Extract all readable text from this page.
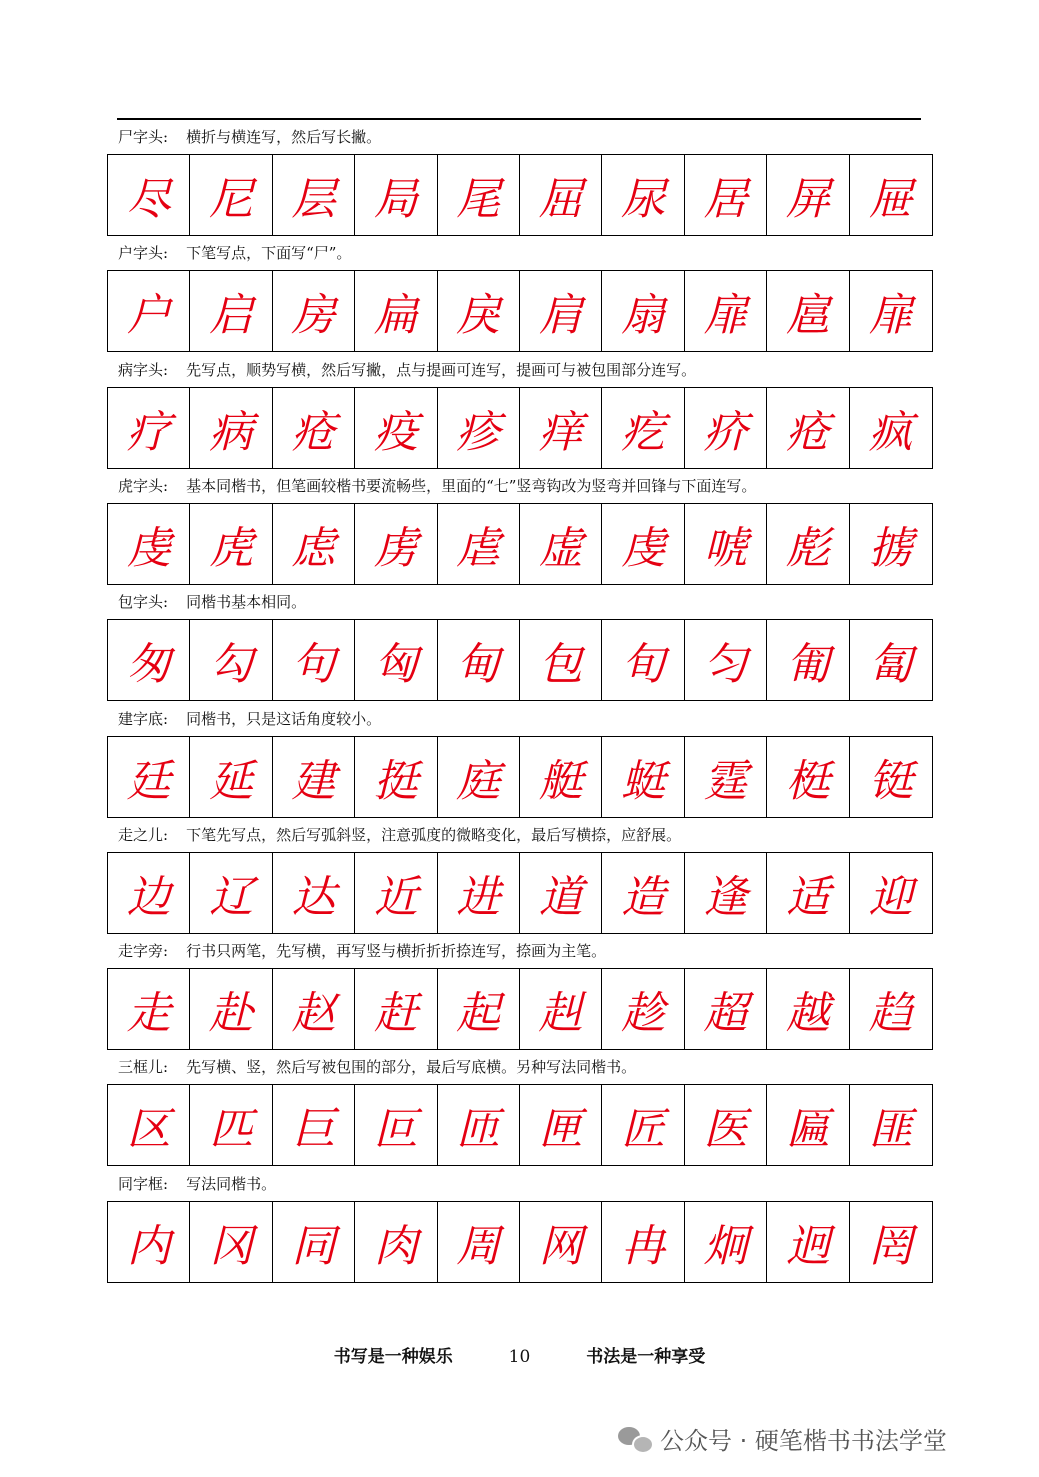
尸字头: 横折与横连写，然后写长撇。
尽 尼 层 局 尾 屈 尿 居 屏 屉
户字头: 下笔写点，下面写“尸”。
户 启 房 扁 戾 肩 扇 扉 扈 扉
病字头: 先写点，顺势写横，然后写撇，点与提画可连写，提画可与被包围部分连写。
疗 病 疮 疫 疹 痒 疙 疥 疮 疯
虎字头: 基本同楷书，但笔画较楷书要流畅些，里面的“七”竖弯钩改为竖弯并回锋与下面连写。
虔 虎 虑 虏 虐 虚 虔 唬 彪 掳
包字头: 同楷书基本相同。
匆 勾 句 匈 甸 包 旬 匀 匍 匐
建字底: 同楷书，只是这话角度较小。
廷 延 建 挺 庭 艇 蜓 霆 梃 铤
走之儿: 下笔先写点，然后写弧斜竖，注意弧度的微略变化，最后写横捺，应舒展。
边 辽 达 近 进 道 造 逢 适 迎
走字旁: 行书只两笔，先写横，再写竖与横折折折捺连写，捺画为主笔。
走 赴 赵 赶 起 赳 趁 超 越 趋
三框儿: 先写横、竖，然后写被包围的部分，最后写底横。另种写法同楷书。
区 匹 巨 叵 匝 匣 匠 医 匾 匪
同字框: 写法同楷书。
内 冈 同 肉 周 网 冉 炯 迥 罔
书写是一种娱乐	10	书法是一种享受
公众号 · 硬笔楷书书法学堂
